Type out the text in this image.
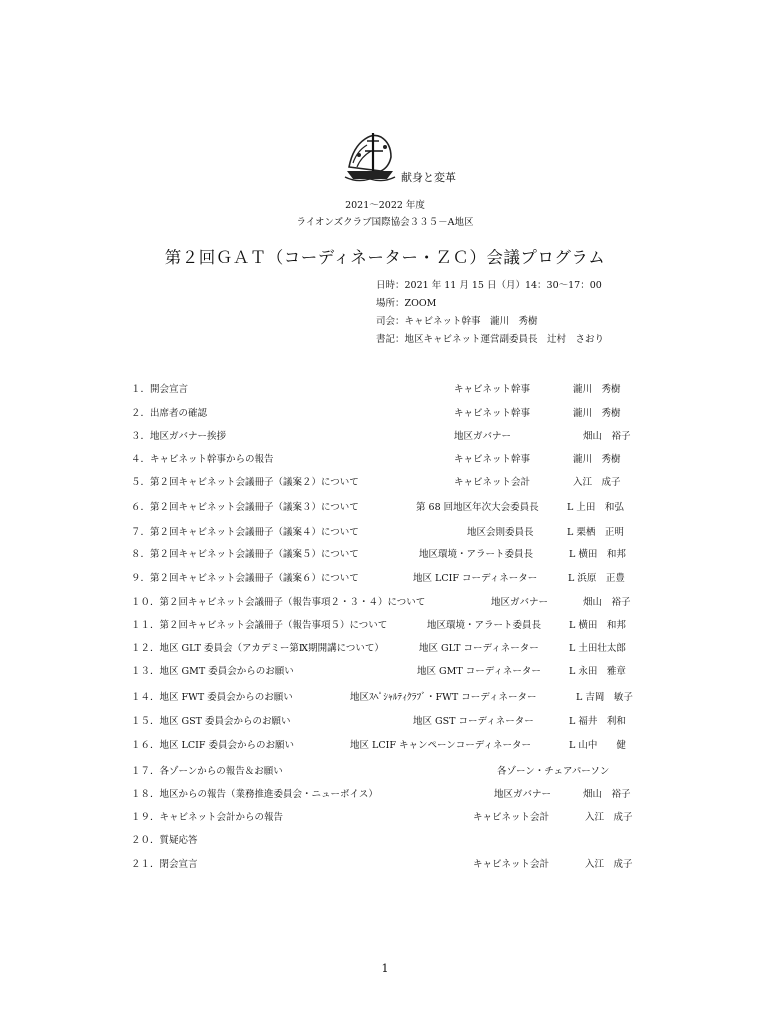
献身と変革
2021～2022 年度
ライオンズクラブ国際協会３３５－A地区
第２回ＧＡＴ（コーディネーター・ＺＣ）会議プログラム
日時：2021 年 11 月 15 日（月）14：30～17：00
場所：ZOOM
司会：キャビネット幹事　瀧川　秀樹
書記：地区キャビネット運営副委員長　辻村　さおり
１．開会宣言	キャビネット幹事	瀧川　秀樹
２．出席者の確認	キャビネット幹事	瀧川　秀樹
３．地区ガバナー挨拶	地区ガバナー	畑山　裕子
４．キャビネット幹事からの報告	キャビネット幹事	瀧川　秀樹
５．第２回キャビネット会議冊子（議案２）について	キャビネット会計	入江　成子
６．第２回キャビネット会議冊子（議案３）について	第 68 回地区年次大会委員長	L 上田　和弘
７．第２回キャビネット会議冊子（議案４）について	地区会則委員長	L 栗栖　正明
８．第２回キャビネット会議冊子（議案５）について	地区環境・アラート委員長	L 横田　和邦
９．第２回キャビネット会議冊子（議案６）について	地区 LCIF コーディネーター	L 浜原　正豊
１０．第２回キャビネット会議冊子（報告事項２・３・４）について	地区ガバナー	畑山　裕子
１１．第２回キャビネット会議冊子（報告事項５）について	地区環境・アラート委員長	L 横田　和邦
１２．地区 GLT 委員会（アカデミー第Ⅸ期開講について）	地区 GLT コーディネーター	L 土田壮太郎
１３．地区 GMT 委員会からのお願い	地区 GMT コーディネーター	L 永田　雅章
１４．地区 FWT 委員会からのお願い	地区ｽﾍﾟｼｬﾙﾃｨｸﾗﾌﾞ・FWT コーディネーター	L 吉岡　敏子
１５．地区 GST 委員会からのお願い	地区 GST コーディネーター	L 福井　利和
１６．地区 LCIF 委員会からのお願い	地区 LCIF キャンペーンコーディネーター	L 山中　　健
１７．各ゾーンからの報告＆お願い	各ゾーン・チェアパーソン
１８．地区からの報告（業務推進委員会・ニューボイス）	地区ガバナー	畑山　裕子
１９．キャビネット会計からの報告	キャビネット会計	入江　成子
２０．質疑応答
２１．閉会宣言	キャビネット会計	入江　成子
1
